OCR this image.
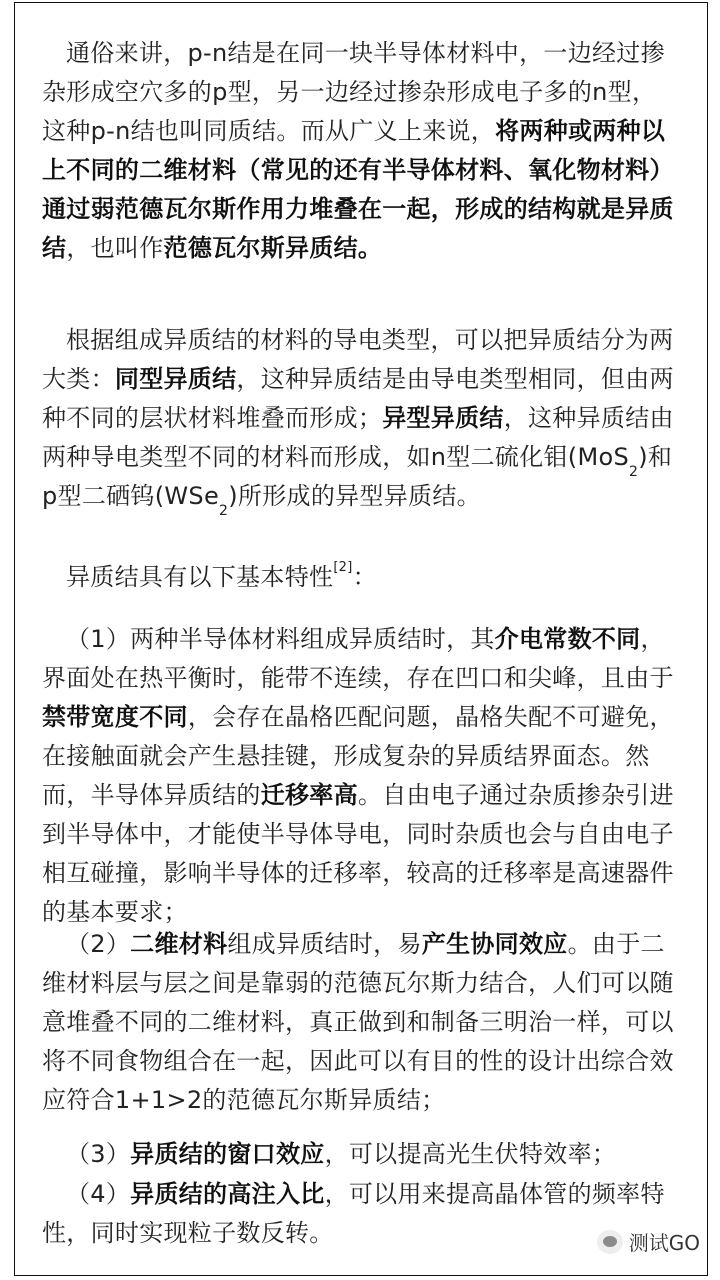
通俗来讲，p-n结是在同一块半导体材料中，一边经过掺杂形成空穴多的p型，另一边经过掺杂形成电子多的n型，这种p-n结也叫同质结。而从广义上来说，将两种或两种以上不同的二维材料（常见的还有半导体材料、氧化物材料）通过弱范德瓦尔斯作用力堆叠在一起，形成的结构就是异质结，也叫作范德瓦尔斯异质结。

根据组成异质结的材料的导电类型，可以把异质结分为两大类：同型异质结，这种异质结是由导电类型相同，但由两种不同的层状材料堆叠而形成；异型异质结，这种异质结由两种导电类型不同的材料而形成，如n型二硫化钼(MoS$_2$)和p型二硒钨(WSe$_2$)所形成的异型异质结。

异质结具有以下基本特性[2]：

（1）两种半导体材料组成异质结时，其介电常数不同，界面处在热平衡时，能带不连续，存在凹口和尖峰，且由于禁带宽度不同，会存在晶格匹配问题，晶格失配不可避免，在接触面就会产生悬挂键，形成复杂的异质结界面态。然而，半导体异质结的迁移率高。自由电子通过杂质掺杂引进到半导体中，才能使半导体导电，同时杂质也会与自由电子相互碰撞，影响半导体的迁移率，较高的迁移率是高速器件的基本要求；

（2）二维材料组成异质结时，易产生协同效应。由于二维材料层与层之间是靠弱的范德瓦尔斯力结合，人们可以随意堆叠不同的二维材料，真正做到和制备三明治一样，可以将不同食物组合在一起，因此可以有目的性的设计出综合效应符合1+1>2的范德瓦尔斯异质结；

（3）异质结的窗口效应，可以提高光生伏特效率；

（4）异质结的高注入比，可以用来提高晶体管的频率特性，同时实现粒子数反转。	测试GO
